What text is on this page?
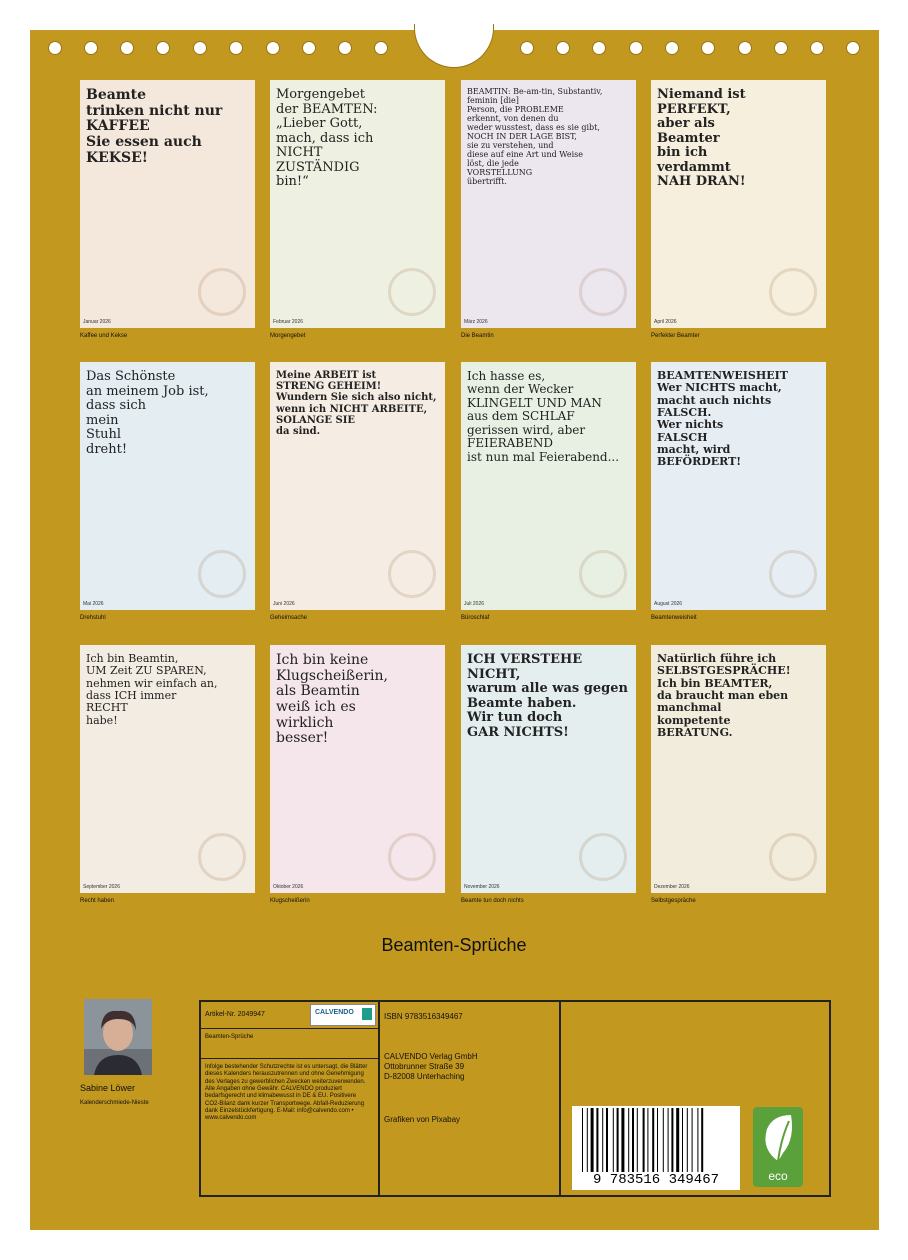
Beamte
trinken nicht nur
KAFFEE
Sie essen auch
KEKSE!
Januar 2026
Kaffee und Kekse
Morgengebet
der BEAMTEN:
„Lieber Gott,
mach, dass ich
NICHT
ZUSTÄNDIG
bin!“
Februar 2026
Morgengebet
BEAMTIN: Be-am-tin, Substantiv, feminin [die]
Person, die PROBLEME
erkennt, von denen du
weder wusstest, dass es sie gibt,
NOCH IN DER LAGE BIST,
sie zu verstehen, und
diese auf eine Art und Weise
löst, die jede
VORSTELLUNG
übertrifft.
März 2026
Die Beamtin
Niemand ist
PERFEKT,
aber als
Beamter
bin ich
verdammt
NAH DRAN!
April 2026
Perfekter Beamter
Das Schönste
an meinem Job ist,
dass sich
mein
Stuhl
dreht!
Mai 2026
Drehstuhl
Meine ARBEIT ist
STRENG GEHEIM!
Wundern Sie sich also nicht,
wenn ich NICHT ARBEITE,
SOLANGE SIE
da sind.
Juni 2026
Geheimsache
Ich hasse es,
wenn der Wecker
KLINGELT UND MAN
aus dem SCHLAF
gerissen wird, aber
FEIERABEND
ist nun mal Feierabend...
Juli 2026
Büroschlaf
BEAMTENWEISHEIT
Wer NICHTS macht,
macht auch nichts FALSCH.
Wer nichts
FALSCH
macht, wird
BEFÖRDERT!
August 2026
Beamtenweisheit
Ich bin Beamtin,
UM Zeit ZU SPAREN,
nehmen wir einfach an,
dass ICH immer
RECHT
habe!
September 2026
Recht haben
Ich bin keine
Klugscheißerin,
als Beamtin
weiß ich es
wirklich
besser!
Oktober 2026
Klugscheißerin
ICH VERSTEHE NICHT,
warum alle was gegen
Beamte haben.
Wir tun doch
GAR NICHTS!
November 2026
Beamte tun doch nichts
Natürlich führe ich
SELBSTGESPRÄCHE!
Ich bin BEAMTER,
da braucht man eben
manchmal
kompetente
BERATUNG.
Dezember 2026
Selbstgespräche
Beamten-Sprüche
Sabine Löwer
Kalenderschmiede-Nieste
Artikel-Nr. 2049947	CALVENDO
Beamten-Sprüche
Infolge bestehender Schutzrechte ist es untersagt, die Blätter dieses Kalenders herauszutrennen und ohne Genehmigung des Verlages zu gewerblichen Zwecken weiterzuverwenden. Alle Angaben ohne Gewähr. CALVENDO produziert bedarfsgerecht und klimabewusst in DE & EU. Positivere CO2-Bilanz dank kurzer Transportwege. Abfall-Reduzierung dank Einzelstückfertigung. E-Mail: info@calvendo.com • www.calvendo.com
ISBN 9783516349467
CALVENDO Verlag GmbH
Ottobrunner Straße 39
D-82008 Unterhaching
Grafiken von Pixabay
9 783516 349467	eco
